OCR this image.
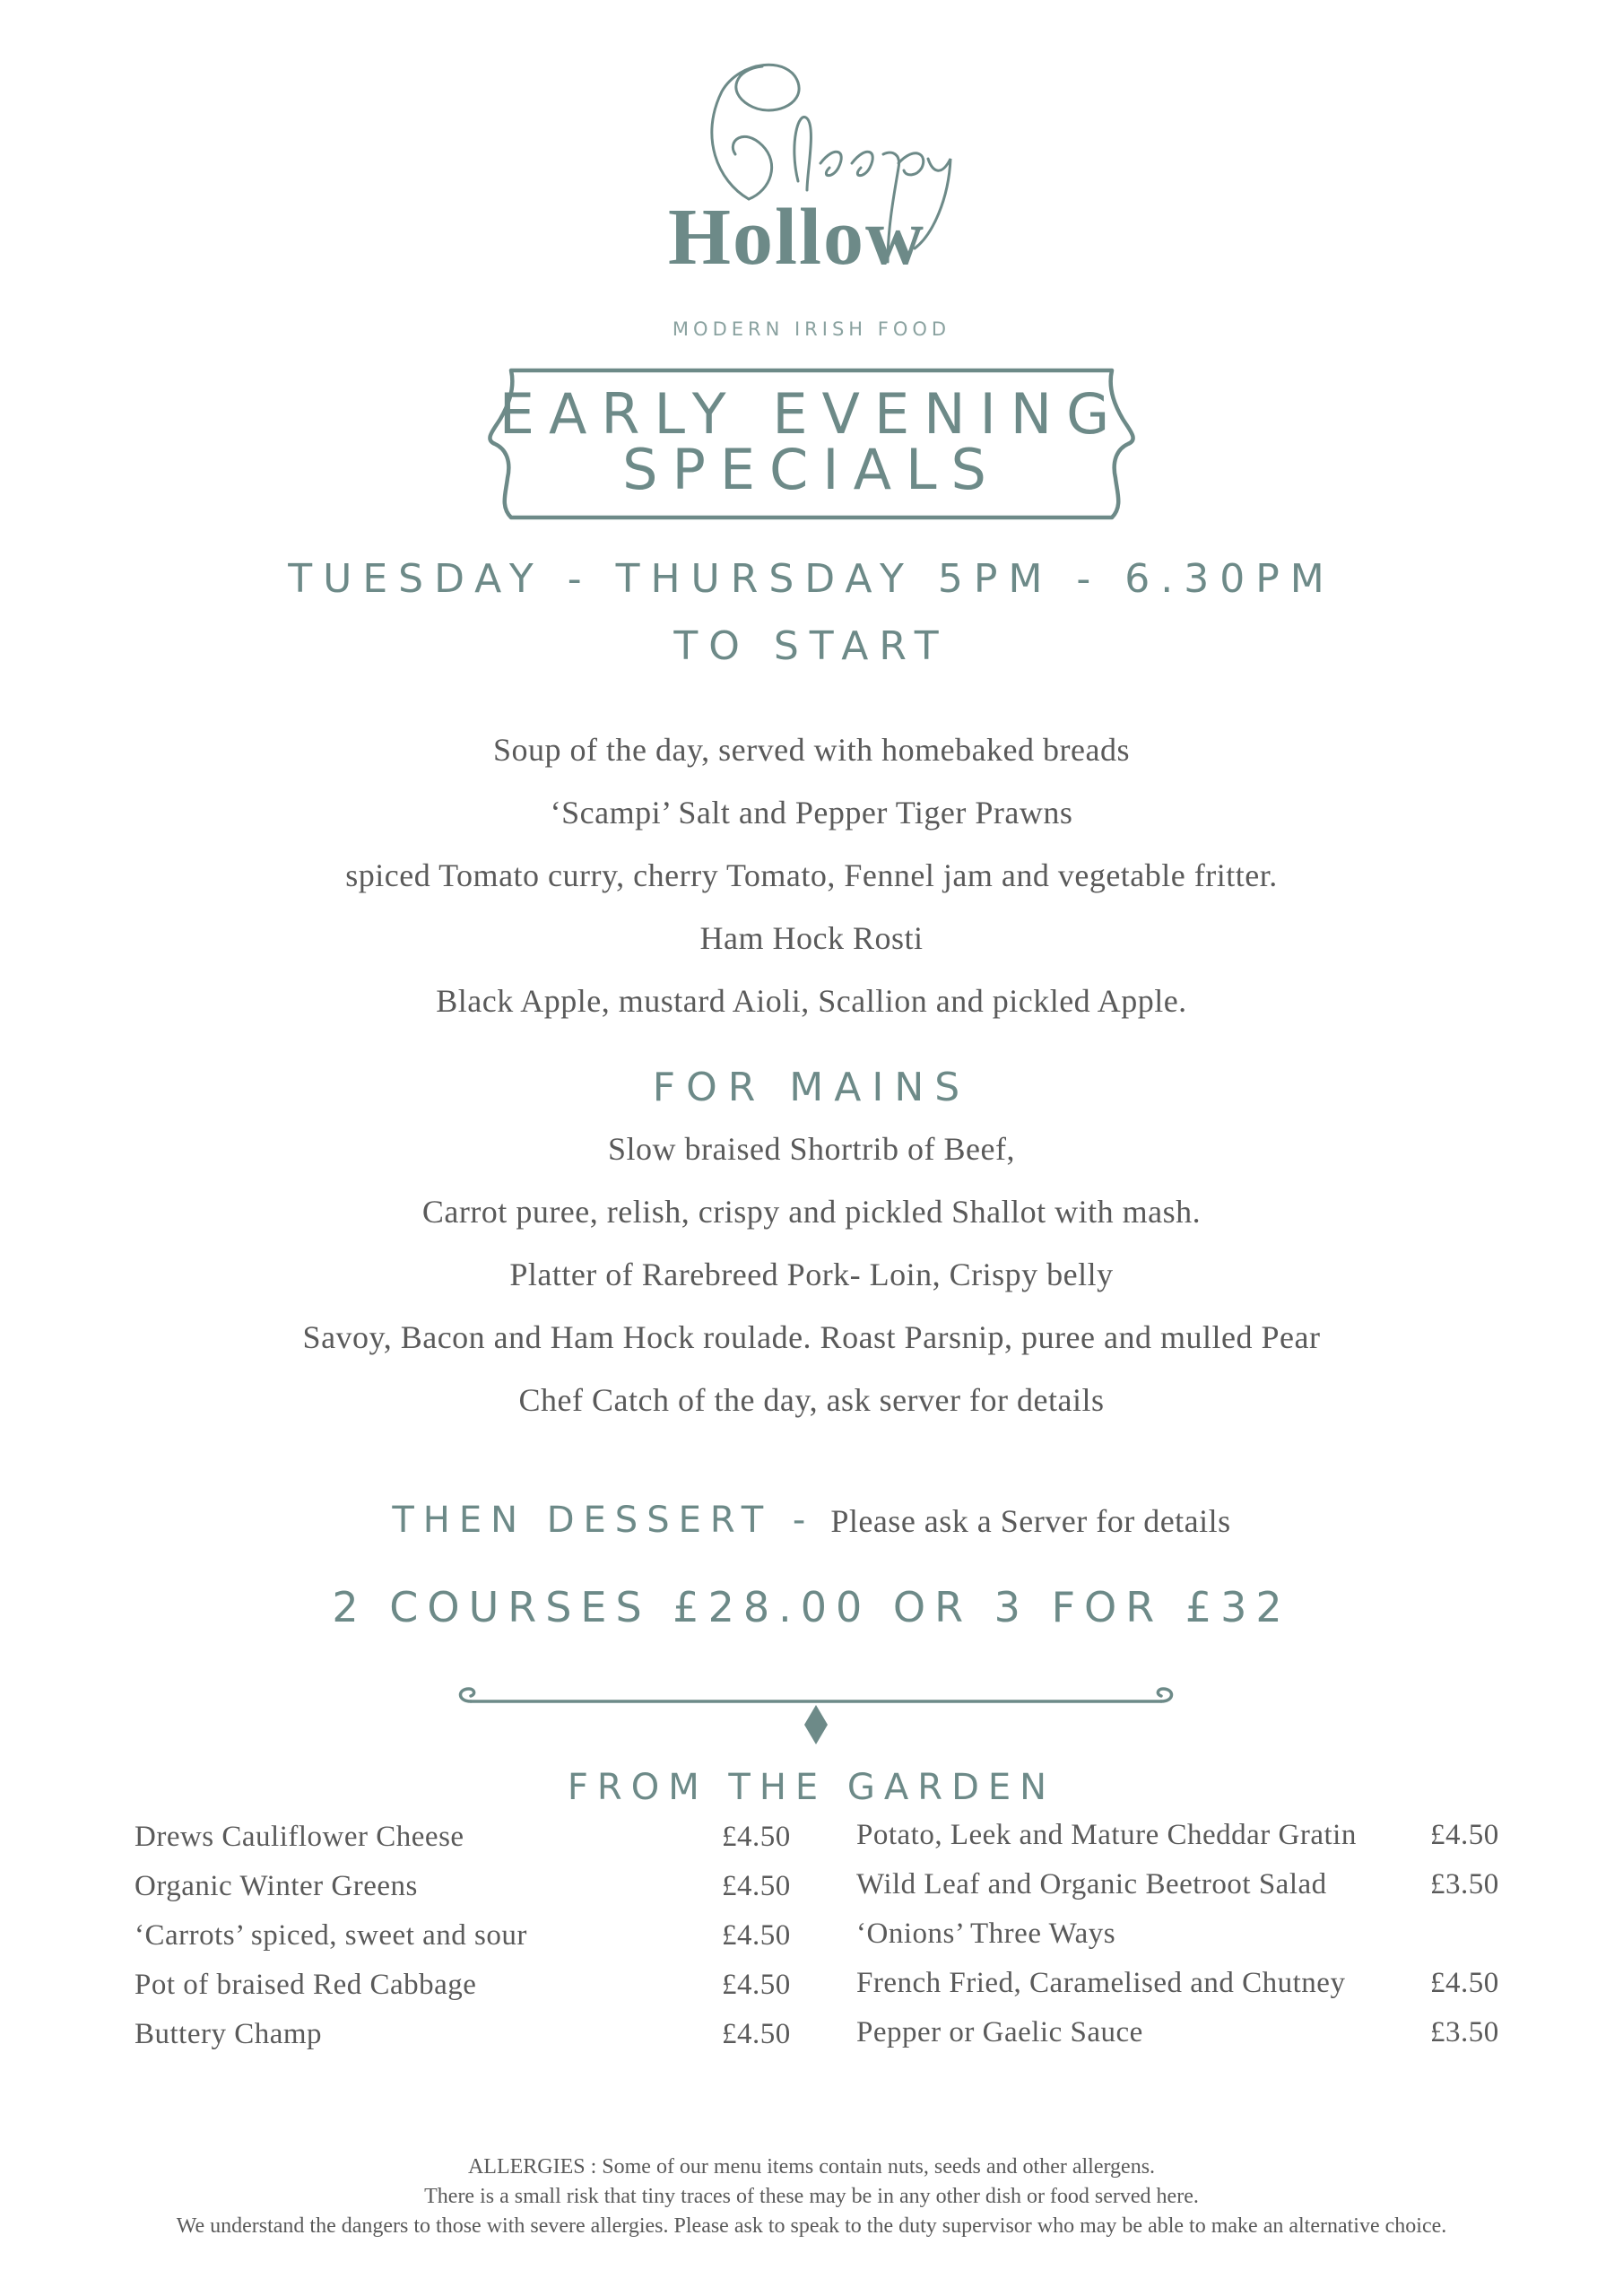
Hollow
MODERN IRISH FOOD
EARLY EVENING
SPECIALS
TUESDAY - THURSDAY 5PM - 6.30PM
TO START
Soup of the day, served with homebaked breads
‘Scampi’ Salt and Pepper Tiger Prawns
spiced Tomato curry, cherry Tomato, Fennel jam and vegetable fritter.
Ham Hock Rosti
Black Apple, mustard Aioli, Scallion and pickled Apple.
FOR MAINS
Slow braised Shortrib of Beef,
Carrot puree, relish, crispy and pickled Shallot with mash.
Platter of Rarebreed Pork- Loin, Crispy belly
Savoy, Bacon and Ham Hock roulade. Roast Parsnip, puree and mulled Pear
Chef Catch of the day, ask server for details
THEN DESSERT - Please ask a Server for details
2 COURSES £28.00 OR 3 FOR £32
FROM THE GARDEN
Drews Cauliflower Cheese	£4.50
Organic Winter Greens	£4.50
‘Carrots’ spiced, sweet and sour	£4.50
Pot of braised Red Cabbage	£4.50
Buttery Champ	£4.50
Potato, Leek and Mature Cheddar Gratin £4.50
Wild Leaf and Organic Beetroot Salad	£3.50
‘Onions’ Three Ways
French Fried, Caramelised and Chutney	£4.50
Pepper or Gaelic Sauce	£3.50
ALLERGIES : Some of our menu items contain nuts, seeds and other allergens.
There is a small risk that tiny traces of these may be in any other dish or food served here.
We understand the dangers to those with severe allergies. Please ask to speak to the duty supervisor who may be able to make an alternative choice.
